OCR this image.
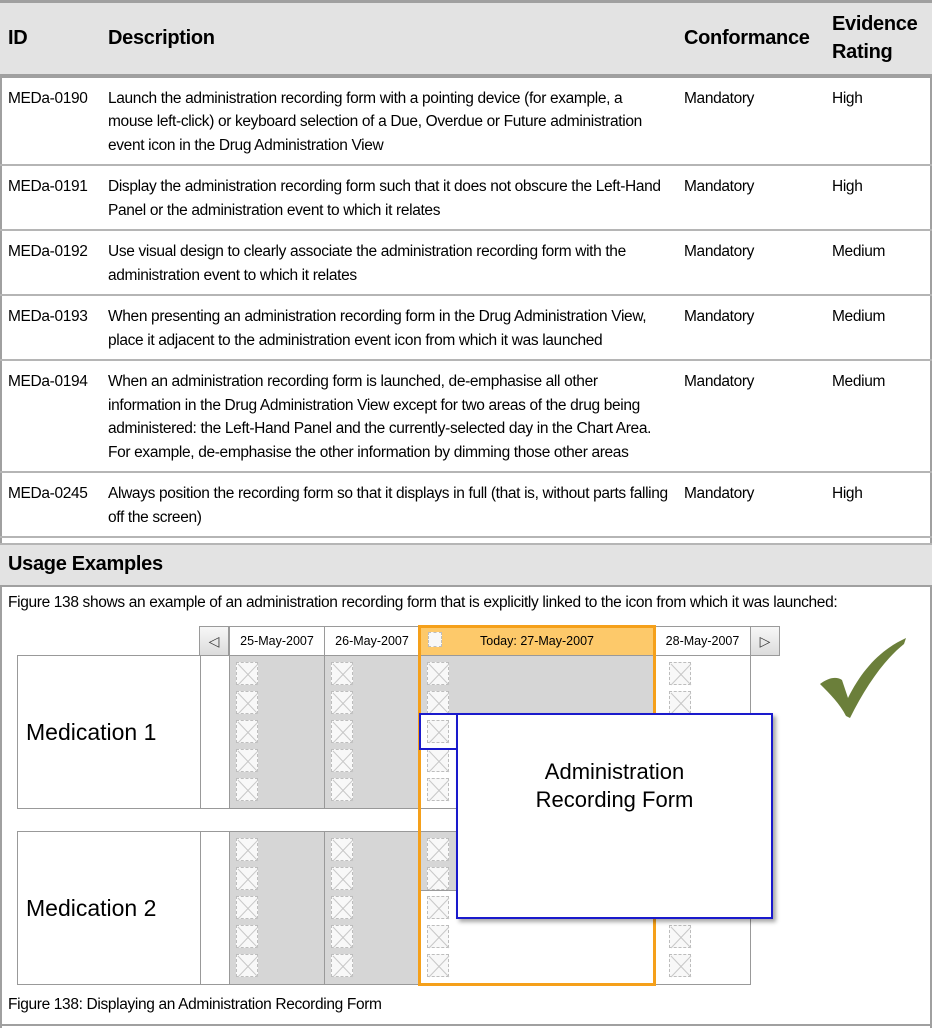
ID	Description	Conformance	Evidence
Rating
MEDa-0190	Launch the administration recording form with a pointing device (for example, a mouse left-click) or keyboard selection of a Due, Overdue or Future administration event icon in the Drug Administration View	Mandatory	High
MEDa-0191	Display the administration recording form such that it does not obscure the Left-Hand Panel or the administration event to which it relates	Mandatory	High
MEDa-0192	Use visual design to clearly associate the administration recording form with the administration event to which it relates	Mandatory	Medium
MEDa-0193	When presenting an administration recording form in the Drug Administration View, place it adjacent to the administration event icon from which it was launched	Mandatory	Medium
MEDa-0194	When an administration recording form is launched, de-emphasise all other information in the Drug Administration View except for two areas of the drug being administered: the Left-Hand Panel and the currently-selected day in the Chart Area. For example, de-emphasise the other information by dimming those other areas	Mandatory	Medium
MEDa-0245	Always position the recording form so that it displays in full (that is, without parts falling off the screen)	Mandatory	High
Usage Examples
Figure 138 shows an example of an administration recording form that is explicitly linked to the icon from which it was launched:
◁	25-May-2007	26-May-2007	Today: 27-May-2007	28-May-2007	▷
Medication 1
Medication 2
Administration
Recording Form
Figure 138: Displaying an Administration Recording Form
